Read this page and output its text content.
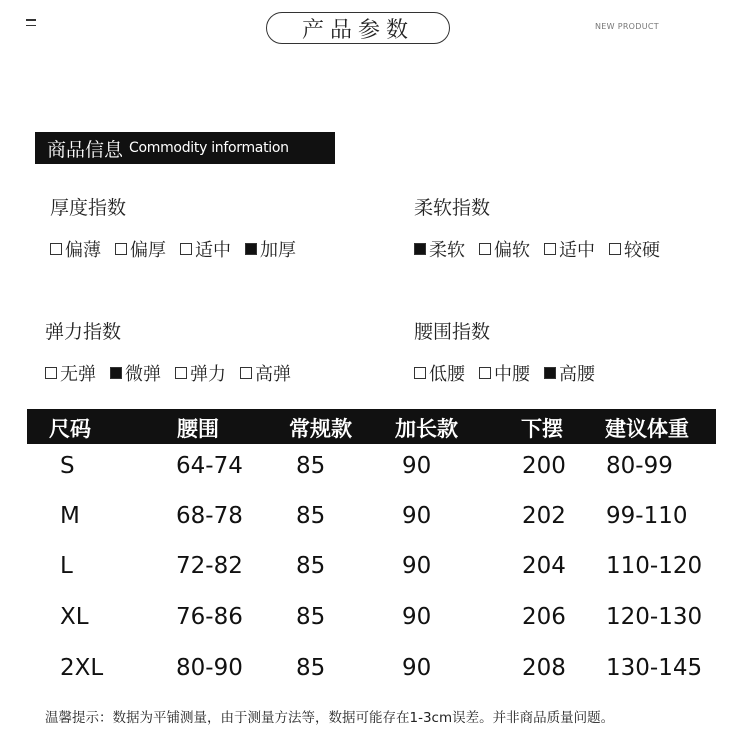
产品参数	NEW PRODUCT
商品信息 Commodity information
厚度指数
偏薄 偏厚 适中 加厚
柔软指数
柔软 偏软 适中 较硬
弹力指数
无弹 微弹 弹力 高弹
腰围指数
低腰 中腰 高腰
尺码	腰围	常规款 加长款	下摆 建议体重
S	64-74 85	90	200 80-99
M	68-78 85	90	202 99-110
L	72-82 85	90	204 110-120
XL	76-86 85	90	206 120-130
2XL	80-90 85	90	208 130-145
温馨提示：数据为平铺测量，由于测量方法等，数据可能存在1-3cm误差。并非商品质量问题。
